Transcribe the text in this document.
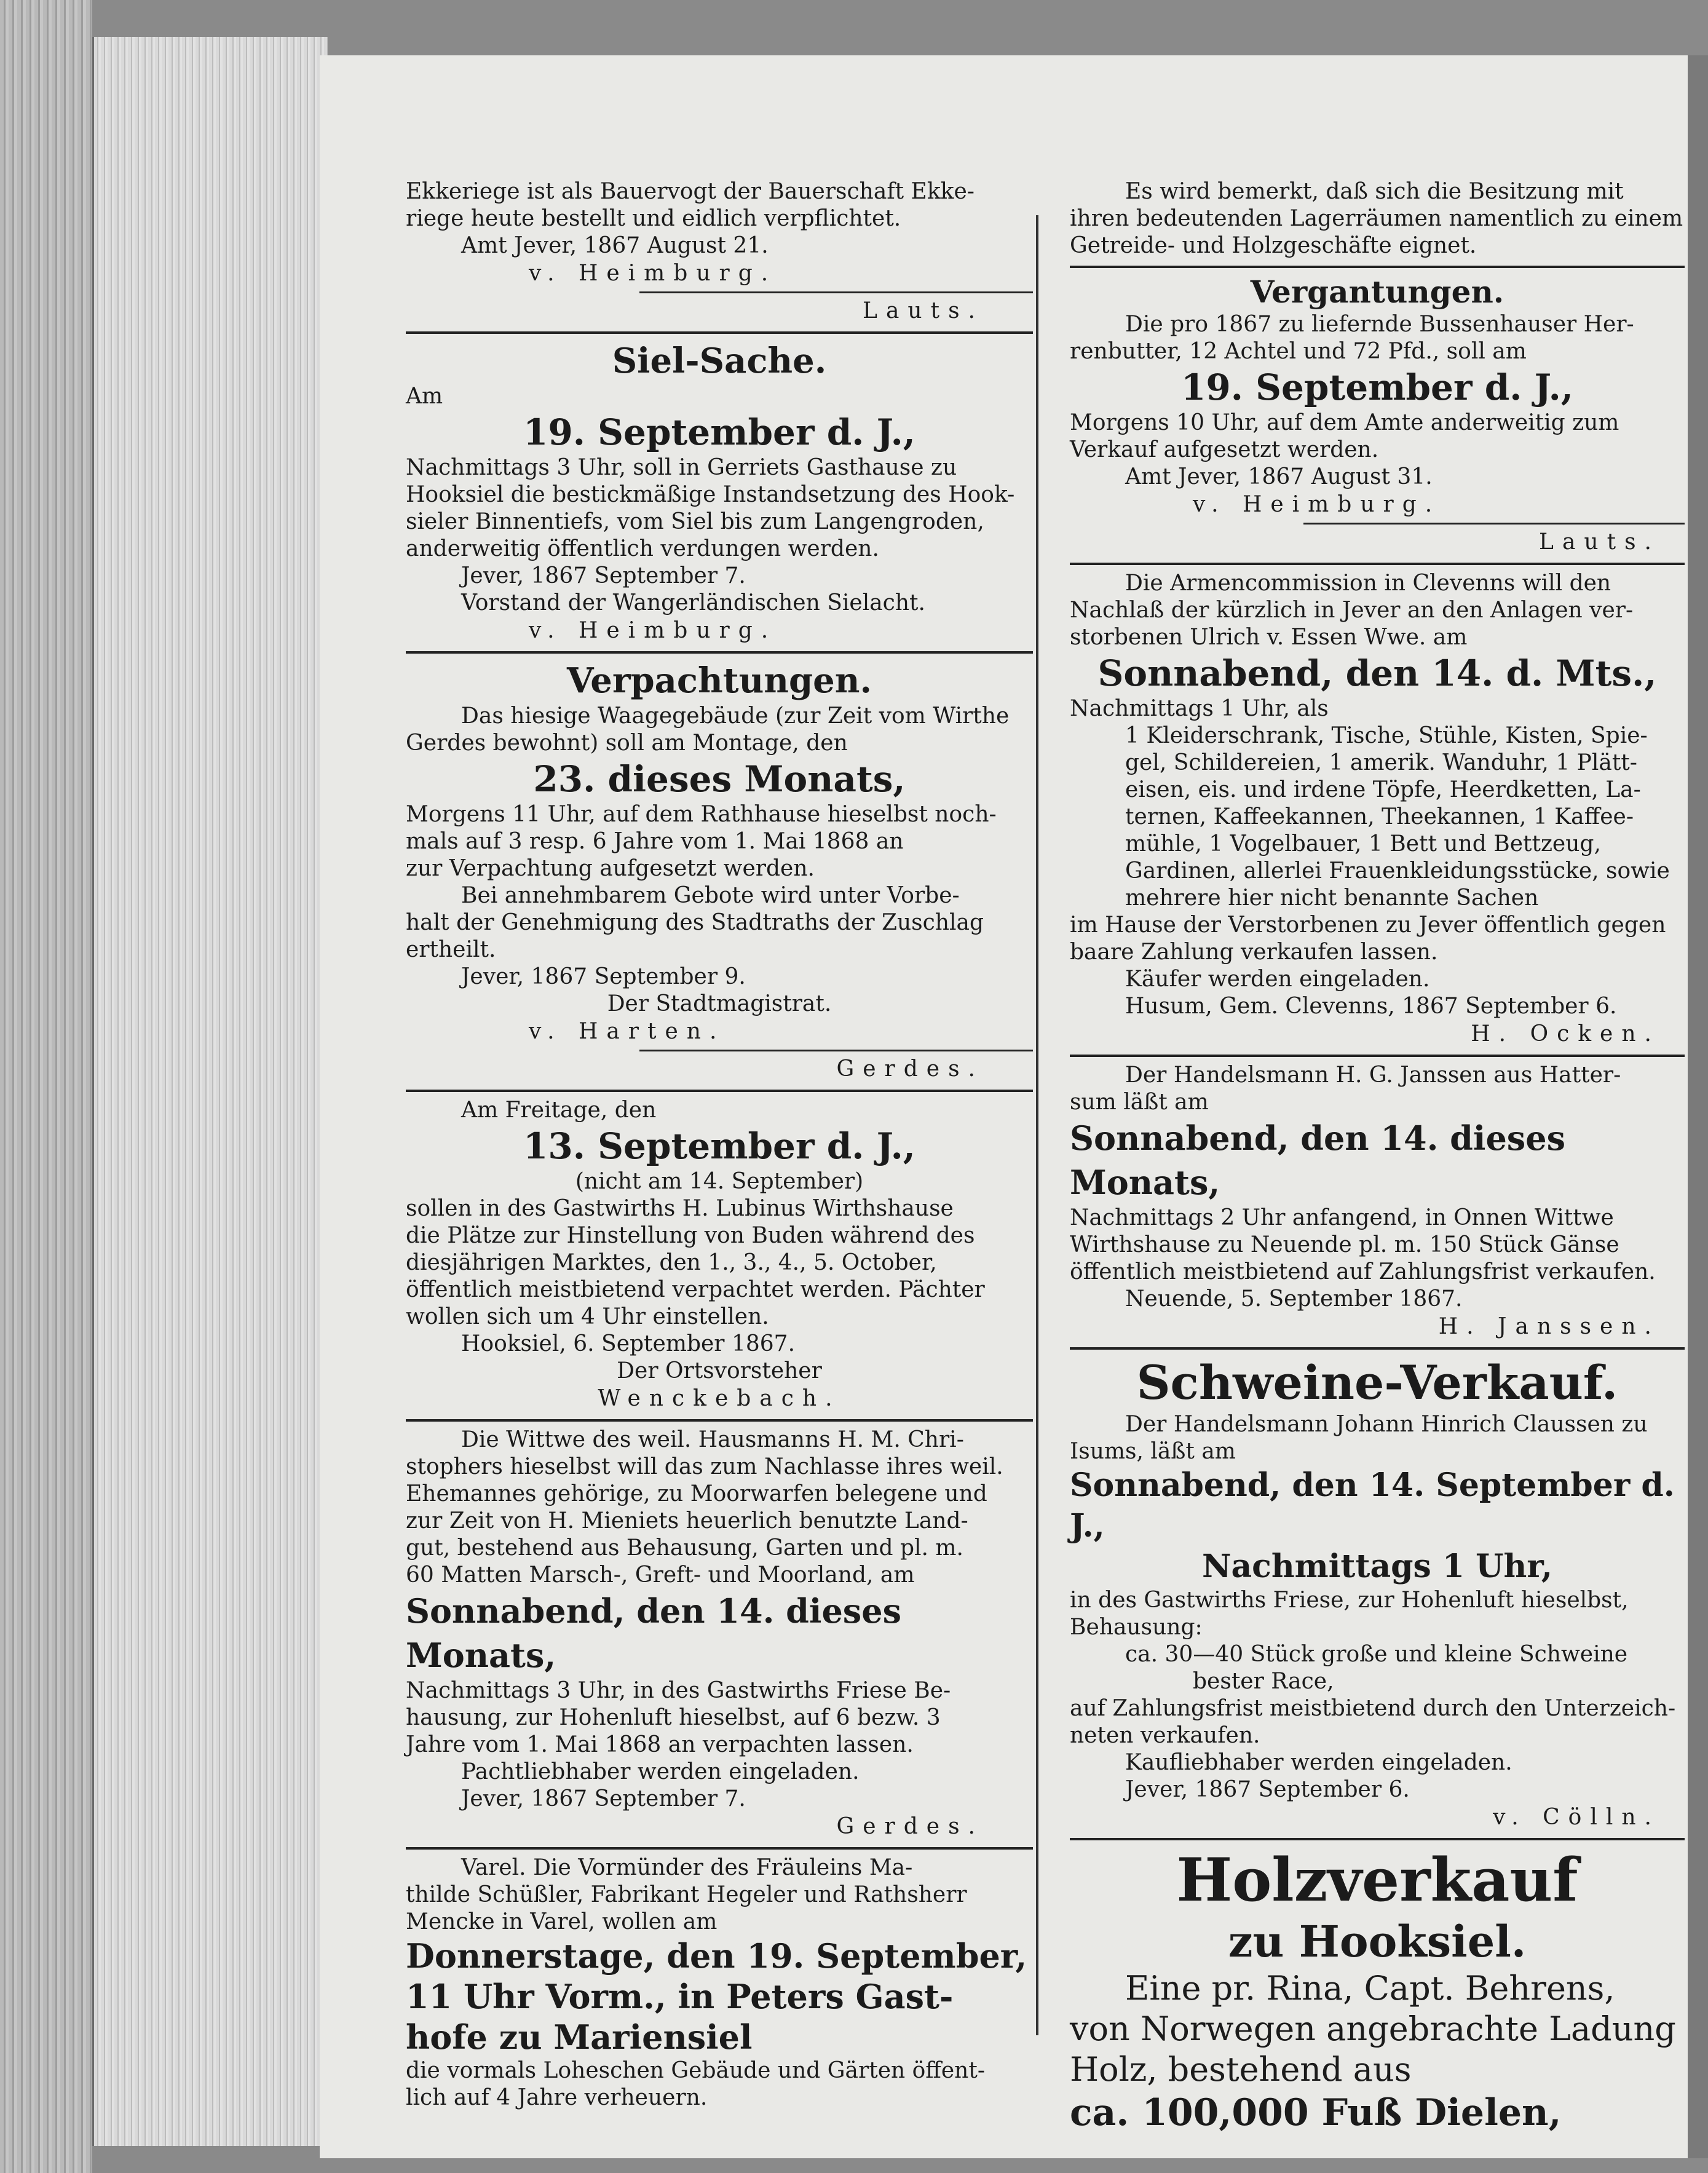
Ekkeriege ist als Bauervogt der Bauerschaft Ekke-

riege heute bestellt und eidlich verpflichtet.

Amt Jever, 1867 August 21.

v. Heimburg.

Lauts.

Siel-Sache.

Am

19. September d. J.,

Nachmittags 3 Uhr, soll in Gerriets Gasthause zu

Hooksiel die bestickmäßige Instandsetzung des Hook-

sieler Binnentiefs, vom Siel bis zum Langengroden,

anderweitig öffentlich verdungen werden.

Jever, 1867 September 7.

Vorstand der Wangerländischen Sielacht.

v. Heimburg.

Verpachtungen.

Das hiesige Waagegebäude (zur Zeit vom Wirthe

Gerdes bewohnt) soll am Montage, den

23. dieses Monats,

Morgens 11 Uhr, auf dem Rathhause hieselbst noch-

mals auf 3 resp. 6 Jahre vom 1. Mai 1868 an

zur Verpachtung aufgesetzt werden.

Bei annehmbarem Gebote wird unter Vorbe-

halt der Genehmigung des Stadtraths der Zuschlag

ertheilt.

Jever, 1867 September 9.

Der Stadtmagistrat.

v. Harten.

Gerdes.

Am Freitage, den

13. September d. J.,

(nicht am 14. September)

sollen in des Gastwirths H. Lubinus Wirthshause

die Plätze zur Hinstellung von Buden während des

diesjährigen Marktes, den 1., 3., 4., 5. October,

öffentlich meistbietend verpachtet werden. Pächter

wollen sich um 4 Uhr einstellen.

Hooksiel, 6. September 1867.

Der Ortsvorsteher

Wenckebach.

Die Wittwe des weil. Hausmanns H. M. Chri-

stophers hieselbst will das zum Nachlasse ihres weil.

Ehemannes gehörige, zu Moorwarfen belegene und

zur Zeit von H. Mieniets heuerlich benutzte Land-

gut, bestehend aus Behausung, Garten und pl. m.

60 Matten Marsch-, Greft- und Moorland, am

Sonnabend, den 14. dieses Monats,

Nachmittags 3 Uhr, in des Gastwirths Friese Be-

hausung, zur Hohenluft hieselbst, auf 6 bezw. 3

Jahre vom 1. Mai 1868 an verpachten lassen.

Pachtliebhaber werden eingeladen.

Jever, 1867 September 7.

Gerdes.

Varel. Die Vormünder des Fräuleins Ma-

thilde Schüßler, Fabrikant Hegeler und Rathsherr

Mencke in Varel, wollen am

Donnerstage, den 19. September,

11 Uhr Vorm., in Peters Gast-

hofe zu Mariensiel

die vormals Loheschen Gebäude und Gärten öffent-

lich auf 4 Jahre verheuern.

Es wird bemerkt, daß sich die Besitzung mit

ihren bedeutenden Lagerräumen namentlich zu einem

Getreide- und Holzgeschäfte eignet.

Vergantungen.

Die pro 1867 zu liefernde Bussenhauser Her-

renbutter, 12 Achtel und 72 Pfd., soll am

19. September d. J.,

Morgens 10 Uhr, auf dem Amte anderweitig zum

Verkauf aufgesetzt werden.

Amt Jever, 1867 August 31.

v. Heimburg.

Lauts.

Die Armencommission in Clevenns will den

Nachlaß der kürzlich in Jever an den Anlagen ver-

storbenen Ulrich v. Essen Wwe. am

Sonnabend, den 14. d. Mts.,

Nachmittags 1 Uhr, als

1 Kleiderschrank, Tische, Stühle, Kisten, Spie-

gel, Schildereien, 1 amerik. Wanduhr, 1 Plätt-

eisen, eis. und irdene Töpfe, Heerdketten, La-

ternen, Kaffeekannen, Theekannen, 1 Kaffee-

mühle, 1 Vogelbauer, 1 Bett und Bettzeug,

Gardinen, allerlei Frauenkleidungsstücke, sowie

mehrere hier nicht benannte Sachen

im Hause der Verstorbenen zu Jever öffentlich gegen

baare Zahlung verkaufen lassen.

Käufer werden eingeladen.

Husum, Gem. Clevenns, 1867 September 6.

H. Ocken.

Der Handelsmann H. G. Janssen aus Hatter-

sum läßt am

Sonnabend, den 14. dieses Monats,

Nachmittags 2 Uhr anfangend, in Onnen Wittwe

Wirthshause zu Neuende pl. m. 150 Stück Gänse

öffentlich meistbietend auf Zahlungsfrist verkaufen.

Neuende, 5. September 1867.

H. Janssen.

Schweine-Verkauf.

Der Handelsmann Johann Hinrich Claussen zu

Isums, läßt am

Sonnabend, den 14. September d. J.,

Nachmittags 1 Uhr,

in des Gastwirths Friese, zur Hohenluft hieselbst,

Behausung:

ca. 30—40 Stück große und kleine Schweine

bester Race,

auf Zahlungsfrist meistbietend durch den Unterzeich-

neten verkaufen.

Kaufliebhaber werden eingeladen.

Jever, 1867 September 6.

v. Cölln.

Holzverkauf

zu Hooksiel.

Eine pr. Rina, Capt. Behrens,

von Norwegen angebrachte Ladung

Holz, bestehend aus

ca. 100,000 Fuß Dielen,
